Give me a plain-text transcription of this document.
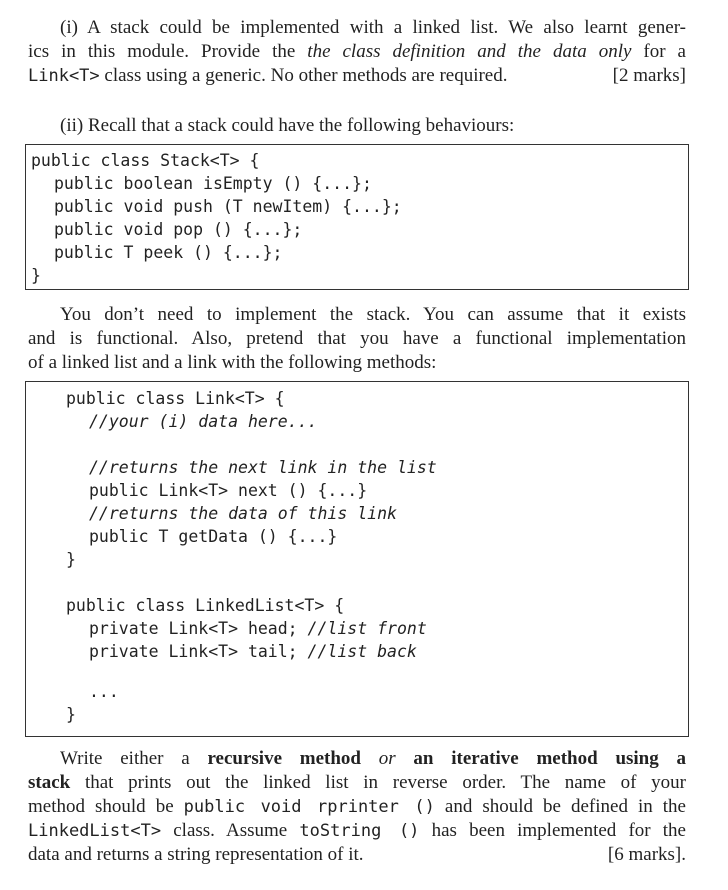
(i) A stack could be implemented with a linked list. We also learnt gener-
ics in this module. Provide the the class definition and the data only for a
Link<T> class using a generic. No other methods are required.	[2 marks]
(ii) Recall that a stack could have the following behaviours:
public class Stack<T> {
public boolean isEmpty () {...};
public void push (T newItem) {...};
public void pop () {...};
public T peek () {...};
}
You don’t need to implement the stack. You can assume that it exists
and is functional. Also, pretend that you have a functional implementation
of a linked list and a link with the following methods:
public class Link<T> {
//your (i) data here...
//returns the next link in the list
public Link<T> next () {...}
//returns the data of this link
public T getData () {...}
}
public class LinkedList<T> {
private Link<T> head; //list front
private Link<T> tail; //list back
...
}
Write either a recursive method or an iterative method using a
stack that prints out the linked list in reverse order. The name of your
method should be public void rprinter () and should be defined in the
LinkedList<T> class. Assume toString () has been implemented for the
data and returns a string representation of it.	[6 marks].
